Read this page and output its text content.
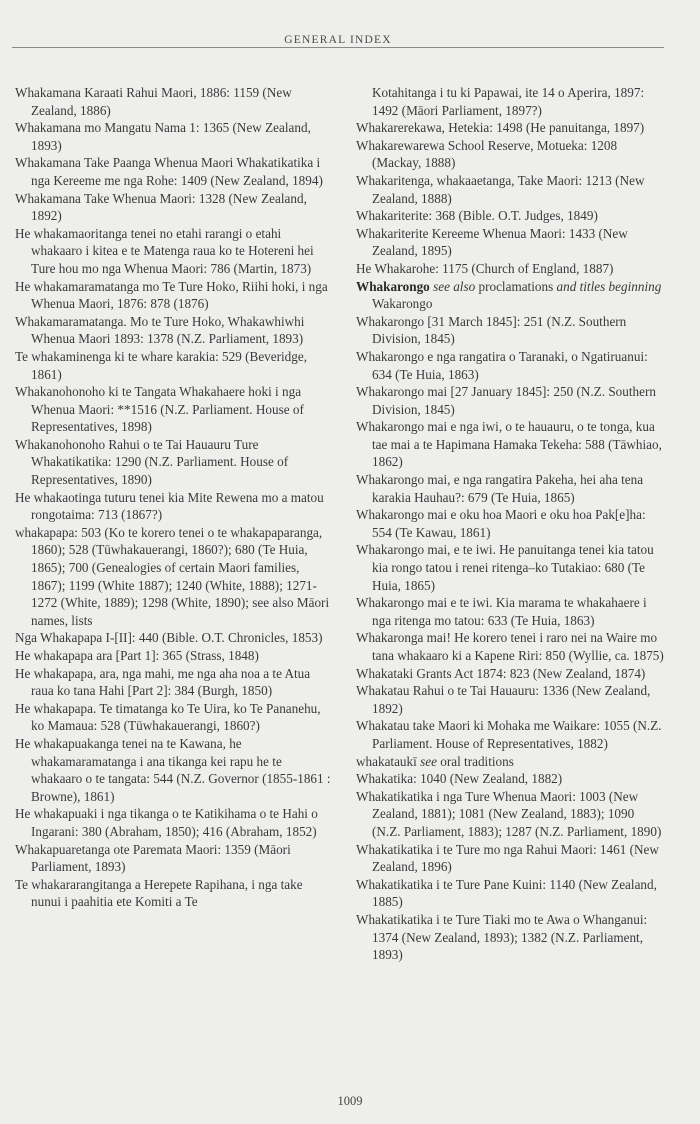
GENERAL INDEX

Whakamana Karaati Rahui Maori, 1886: 1159 (New Zealand, 1886)

Whakamana mo Mangatu Nama 1: 1365 (New Zealand, 1893)

Whakamana Take Paanga Whenua Maori Whakatikatika i nga Kereeme me nga Rohe: 1409 (New Zealand, 1894)

Whakamana Take Whenua Maori: 1328 (New Zealand, 1892)

He whakamaoritanga tenei no etahi rarangi o etahi whakaaro i kitea e te Matenga raua ko te Hotereni hei Ture hou mo nga Whenua Maori: 786 (Martin, 1873)

He whakamaramatanga mo Te Ture Hoko, Riihi hoki, i nga Whenua Maori, 1876: 878 (1876)

Whakamaramatanga. Mo te Ture Hoko, Whakawhiwhi Whenua Maori 1893: 1378 (N.Z. Parliament, 1893)

Te whakaminenga ki te whare karakia: 529 (Beveridge, 1861)

Whakanohonoho ki te Tangata Whakahaere hoki i nga Whenua Maori: **1516 (N.Z. Parliament. House of Representatives, 1898)

Whakanohonoho Rahui o te Tai Hauauru Ture Whakatikatika: 1290 (N.Z. Parliament. House of Representatives, 1890)

He whakaotinga tuturu tenei kia Mite Rewena mo a matou rongotaima: 713 (1867?)

whakapapa: 503 (Ko te korero tenei o te whakapaparanga, 1860); 528 (Tūwhakauerangi, 1860?); 680 (Te Huia, 1865); 700 (Genealogies of certain Maori families, 1867); 1199 (White 1887); 1240 (White, 1888); 1271-1272 (White, 1889); 1298 (White, 1890); see also Māori names, lists

Nga Whakapapa I-[II]: 440 (Bible. O.T. Chronicles, 1853)

He whakapapa ara [Part 1]: 365 (Strass, 1848)

He whakapapa, ara, nga mahi, me nga aha noa a te Atua raua ko tana Hahi [Part 2]: 384 (Burgh, 1850)

He whakapapa. Te timatanga ko Te Uira, ko Te Pananehu, ko Mamaua: 528 (Tūwhakauerangi, 1860?)

He whakapuakanga tenei na te Kawana, he whakamaramatanga i ana tikanga kei rapu he te whakaaro o te tangata: 544 (N.Z. Governor (1855-1861 : Browne), 1861)

He whakapuaki i nga tikanga o te Katikihama o te Hahi o Ingarani: 380 (Abraham, 1850); 416 (Abraham, 1852)

Whakapuaretanga ote Paremata Maori: 1359 (Māori Parliament, 1893)

Te whakararangitanga a Herepete Rapihana, i nga take nunui i paahitia ete Komiti a Te

Kotahitanga i tu ki Papawai, ite 14 o Aperira, 1897: 1492 (Māori Parliament, 1897?)

Whakarerekawa, Hetekia: 1498 (He panuitanga, 1897)

Whakarewarewa School Reserve, Motueka: 1208 (Mackay, 1888)

Whakaritenga, whakaaetanga, Take Maori: 1213 (New Zealand, 1888)

Whakariterite: 368 (Bible. O.T. Judges, 1849)

Whakariterite Kereeme Whenua Maori: 1433 (New Zealand, 1895)

He Whakarohe: 1175 (Church of England, 1887)

Whakarongo see also proclamations and titles beginning Wakarongo

Whakarongo [31 March 1845]: 251 (N.Z. Southern Division, 1845)

Whakarongo e nga rangatira o Taranaki, o Ngatiruanui: 634 (Te Huia, 1863)

Whakarongo mai [27 January 1845]: 250 (N.Z. Southern Division, 1845)

Whakarongo mai e nga iwi, o te hauauru, o te tonga, kua tae mai a te Hapimana Hamaka Tekeha: 588 (Tāwhiao, 1862)

Whakarongo mai, e nga rangatira Pakeha, hei aha tena karakia Hauhau?: 679 (Te Huia, 1865)

Whakarongo mai e oku hoa Maori e oku hoa Pak[e]ha: 554 (Te Kawau, 1861)

Whakarongo mai, e te iwi. He panuitanga tenei kia tatou kia rongo tatou i renei ritenga–ko Tutakiao: 680 (Te Huia, 1865)

Whakarongo mai e te iwi. Kia marama te whakahaere i nga ritenga mo tatou: 633 (Te Huia, 1863)

Whakaronga mai! He korero tenei i raro nei na Waire mo tana whakaaro ki a Kapene Riri: 850 (Wyllie, ca. 1875)

Whakataki Grants Act 1874: 823 (New Zealand, 1874)

Whakatau Rahui o te Tai Hauauru: 1336 (New Zealand, 1892)

Whakatau take Maori ki Mohaka me Waikare: 1055 (N.Z. Parliament. House of Representatives, 1882)

whakataukī see oral traditions

Whakatika: 1040 (New Zealand, 1882)

Whakatikatika i nga Ture Whenua Maori: 1003 (New Zealand, 1881); 1081 (New Zealand, 1883); 1090 (N.Z. Parliament, 1883); 1287 (N.Z. Parliament, 1890)

Whakatikatika i te Ture mo nga Rahui Maori: 1461 (New Zealand, 1896)

Whakatikatika i te Ture Pane Kuini: 1140 (New Zealand, 1885)

Whakatikatika i te Ture Tiaki mo te Awa o Whanganui: 1374 (New Zealand, 1893); 1382 (N.Z. Parliament, 1893)

1009
